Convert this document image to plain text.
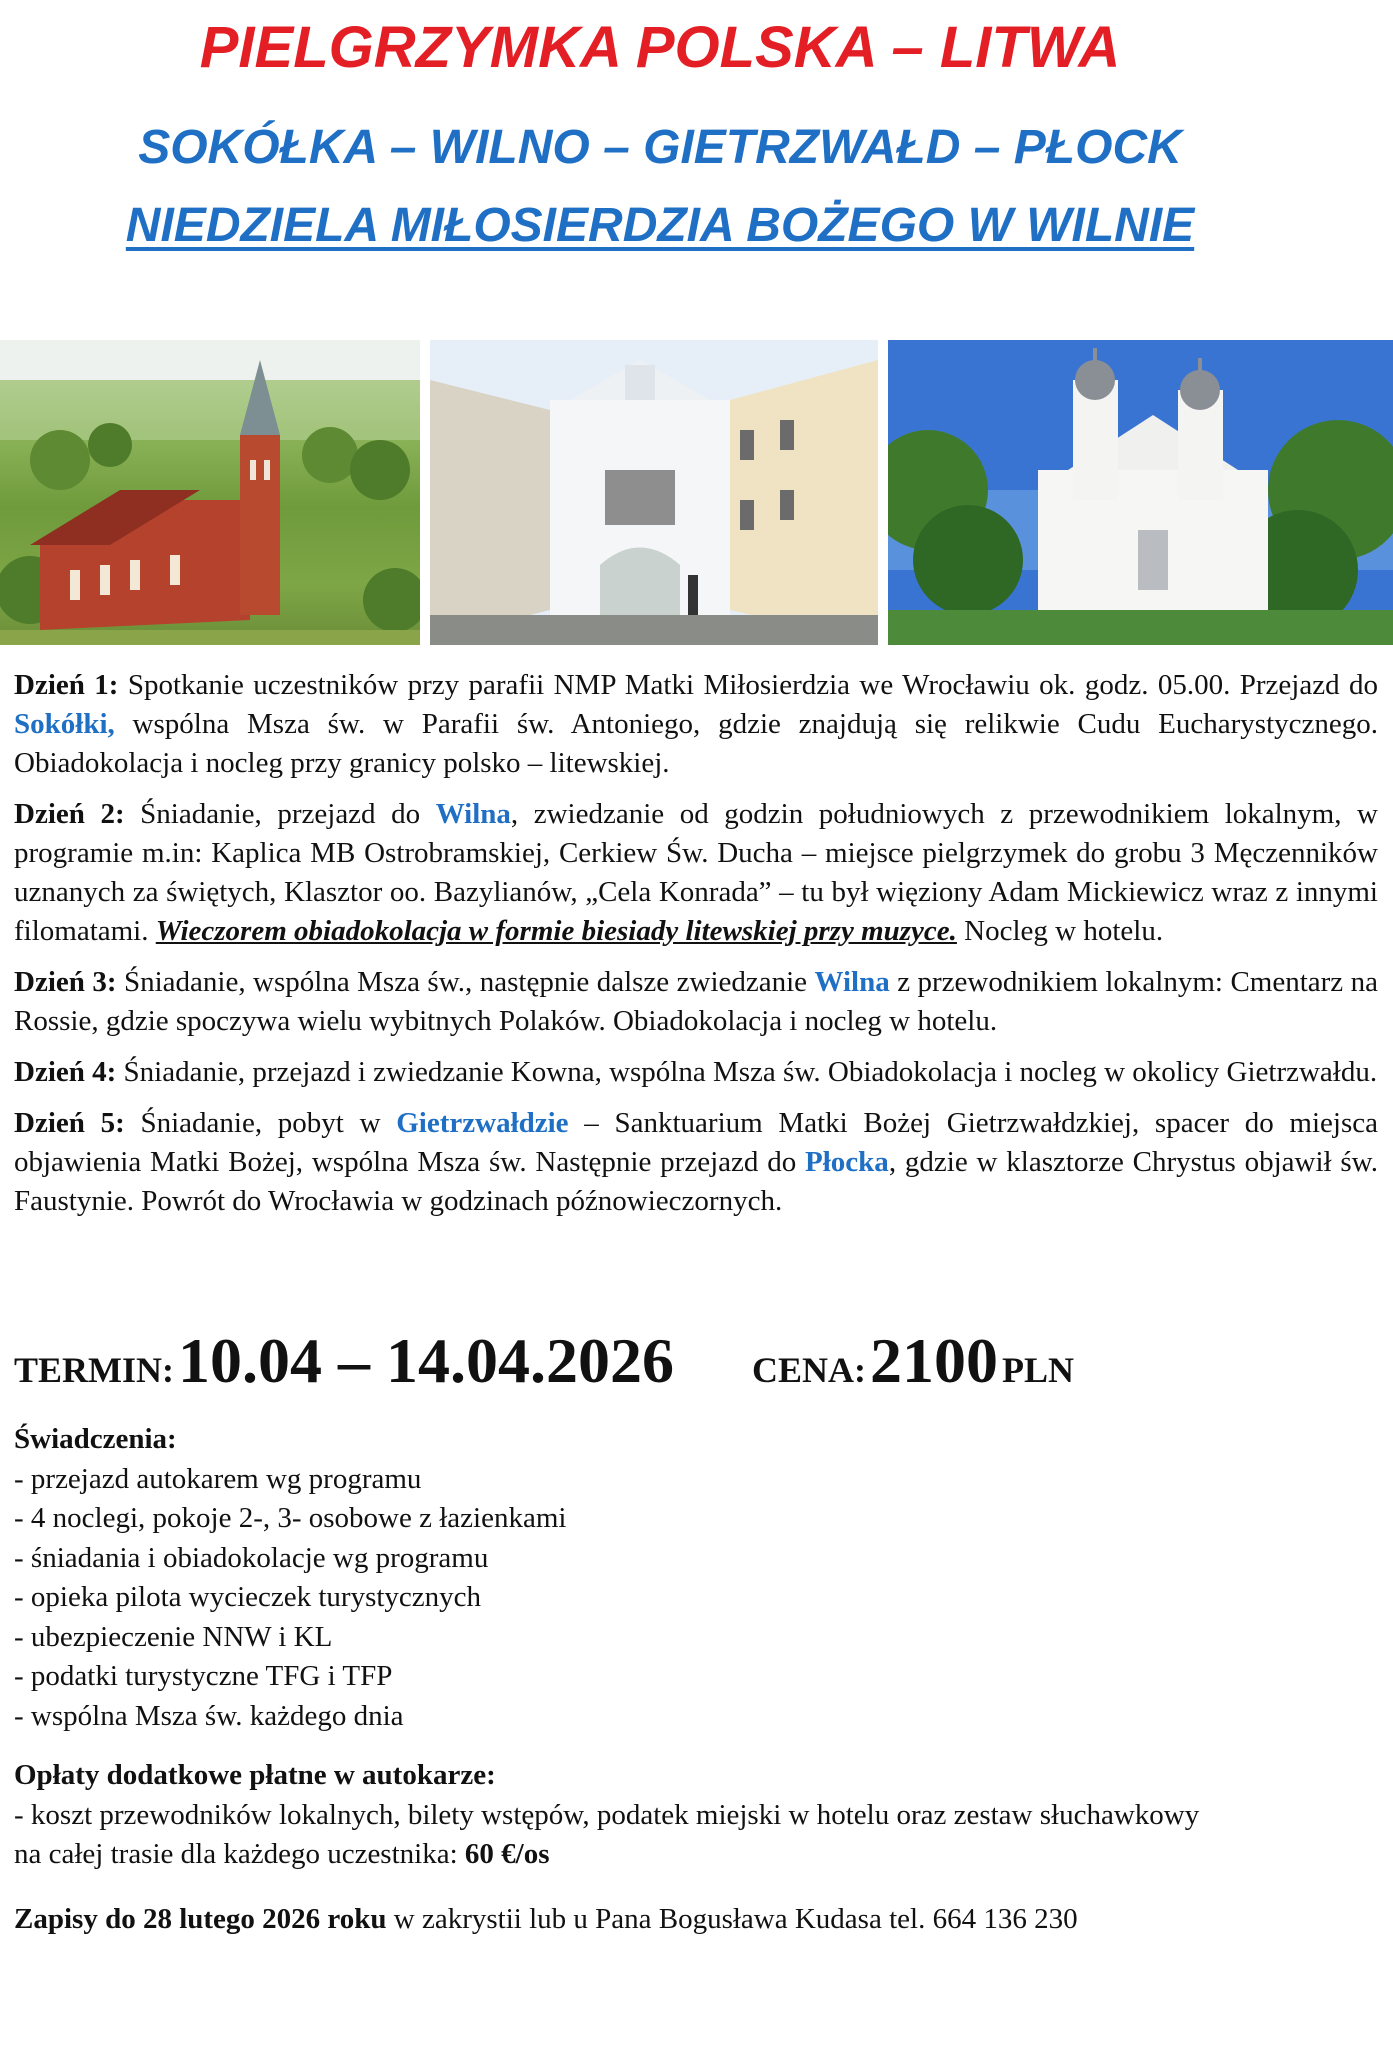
PIELGRZYMKA POLSKA – LITWA
SOKÓŁKA – WILNO – GIETRZWAŁD – PŁOCK
NIEDZIELA MIŁOSIERDZIA BOŻEGO W WILNIE

Dzień 1: Spotkanie uczestników przy parafii NMP Matki Miłosierdzia we Wrocławiu ok. godz. 05.00. Przejazd do Sokółki, wspólna Msza św. w Parafii św. Antoniego, gdzie znajdują się relikwie Cudu Eucharystycznego. Obiadokolacja i nocleg przy granicy polsko – litewskiej.

Dzień 2: Śniadanie, przejazd do Wilna, zwiedzanie od godzin południowych z przewodnikiem lokalnym, w programie m.in: Kaplica MB Ostrobramskiej, Cerkiew Św. Ducha – miejsce pielgrzymek do grobu 3 Męczenników uznanych za świętych, Klasztor oo. Bazylianów, „Cela Konrada” – tu był więziony Adam Mickiewicz wraz z innymi filomatami. Wieczorem obiadokolacja w formie biesiady litewskiej przy muzyce. Nocleg w hotelu.

Dzień 3: Śniadanie, wspólna Msza św., następnie dalsze zwiedzanie Wilna z przewodnikiem lokalnym: Cmentarz na Rossie, gdzie spoczywa wielu wybitnych Polaków. Obiadokolacja i nocleg w hotelu.

Dzień 4: Śniadanie, przejazd i zwiedzanie Kowna, wspólna Msza św. Obiadokolacja i nocleg w okolicy Gietrzwałdu.

Dzień 5: Śniadanie, pobyt w Gietrzwałdzie – Sanktuarium Matki Bożej Gietrzwałdzkiej, spacer do miejsca objawienia Matki Bożej, wspólna Msza św. Następnie przejazd do Płocka, gdzie w klasztorze Chrystus objawił św. Faustynie. Powrót do Wrocławia w godzinach późnowieczornych.

TERMIN: 10.04 – 14.04.2026 CENA: 2100 PLN
Świadczenia:
- przejazd autokarem wg programu
- 4 noclegi, pokoje 2-, 3- osobowe z łazienkami
- śniadania i obiadokolacje wg programu
- opieka pilota wycieczek turystycznych
- ubezpieczenie NNW i KL
- podatki turystyczne TFG i TFP
- wspólna Msza św. każdego dnia
Opłaty dodatkowe płatne w autokarze:

- koszt przewodników lokalnych, bilety wstępów, podatek miejski w hotelu oraz zestaw słuchawkowy na całej trasie dla każdego uczestnika: 60 €/os

Zapisy do 28 lutego 2026 roku w zakrystii lub u Pana Bogusława Kudasa tel. 664 136 230
